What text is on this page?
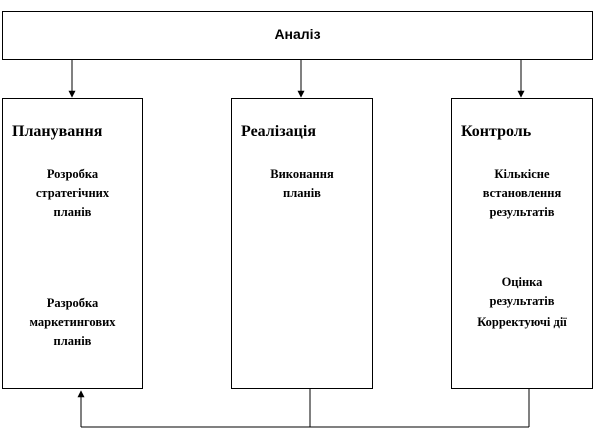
Аналіз
Планування
Розробка
стратегічних
планів
Разробка
маркетингових
планів
Реалізація
Виконання
планів
Контроль
Кількісне
встановлення
результатів
Оцінка
результатів
Корректуючі дії
